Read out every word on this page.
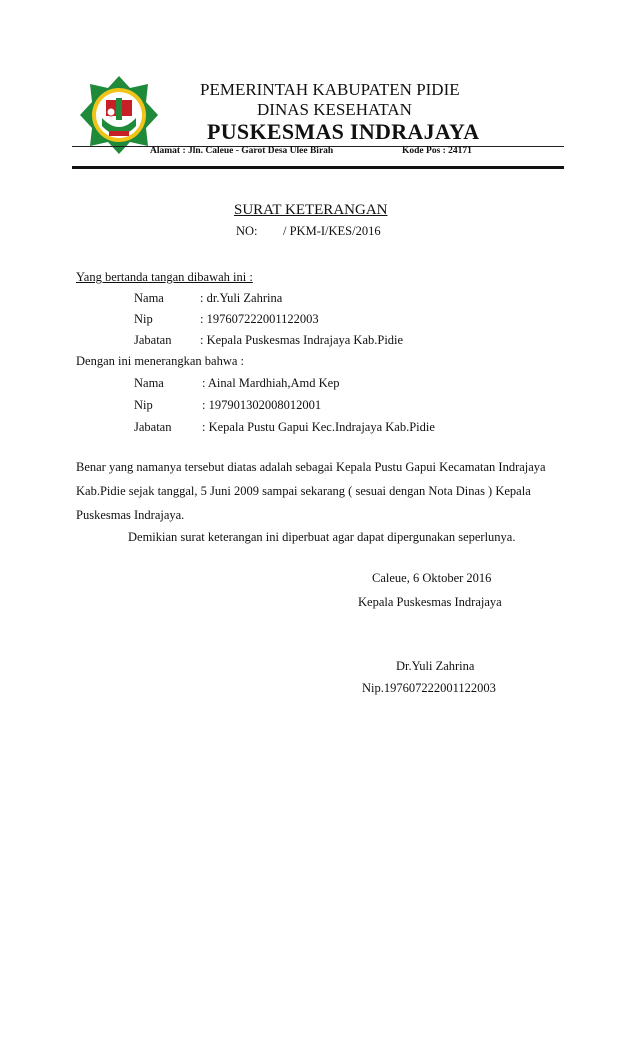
PEMERINTAH KABUPATEN PIDIE
DINAS KESEHATAN
PUSKESMAS INDRAJAYA
Alamat : Jln. Caleue - Garot Desa Ulee Birah	Kode Pos : 24171
SURAT KETERANGAN
NO: / PKM-I/KES/2016
Yang bertanda tangan dibawah ini :
Nama	: dr.Yuli Zahrina
Nip	: 197607222001122003
Jabatan : Kepala Puskesmas Indrajaya Kab.Pidie
Dengan ini menerangkan bahwa :
Nama	: Ainal Mardhiah,Amd Kep
Nip	: 197901302008012001
Jabatan : Kepala Pustu Gapui Kec.Indrajaya Kab.Pidie
Benar yang namanya tersebut diatas adalah sebagai Kepala Pustu Gapui Kecamatan Indrajaya
Kab.Pidie sejak tanggal, 5 Juni 2009 sampai sekarang ( sesuai dengan Nota Dinas ) Kepala
Puskesmas Indrajaya.
Demikian surat keterangan ini diperbuat agar dapat dipergunakan seperlunya.
Caleue, 6 Oktober 2016
Kepala Puskesmas Indrajaya
Dr.Yuli Zahrina
Nip.197607222001122003
